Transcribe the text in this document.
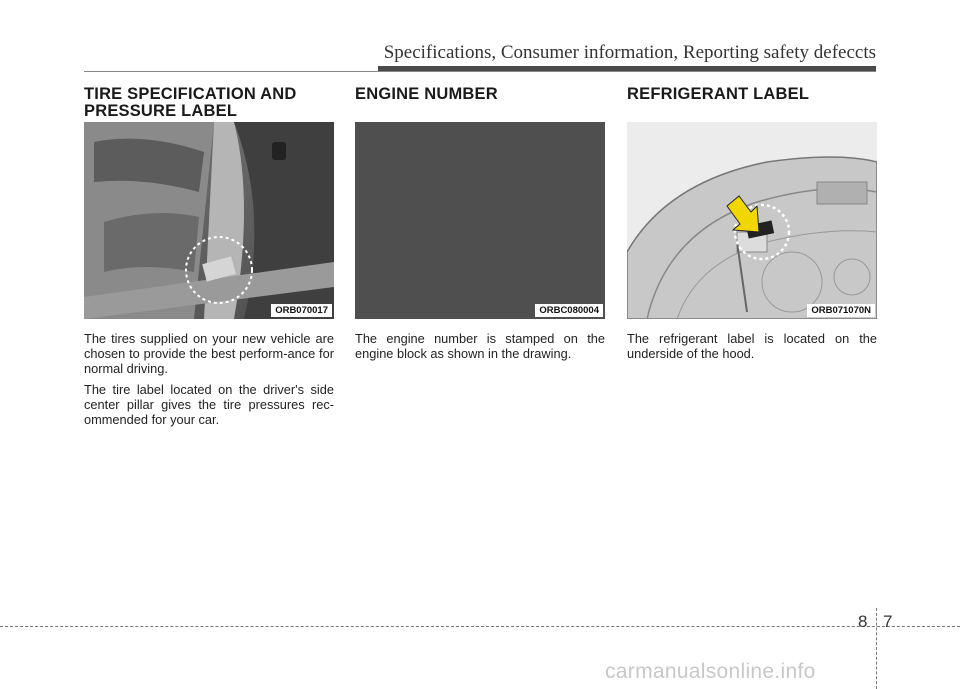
Specifications, Consumer information, Reporting safety defeccts
TIRE SPECIFICATION AND PRESSURE LABEL
ORB070017

The tires supplied on your new vehicle are chosen to provide the best perform-ance for normal driving.

The tire label located on the driver's side center pillar gives the tire pressures rec-ommended for your car.

ENGINE NUMBER
ORBC080004

The engine number is stamped on the engine block as shown in the drawing.

REFRIGERANT LABEL
ORB071070N

The refrigerant label is located on the underside of the hood.

8 7
carmanualsonline.info
